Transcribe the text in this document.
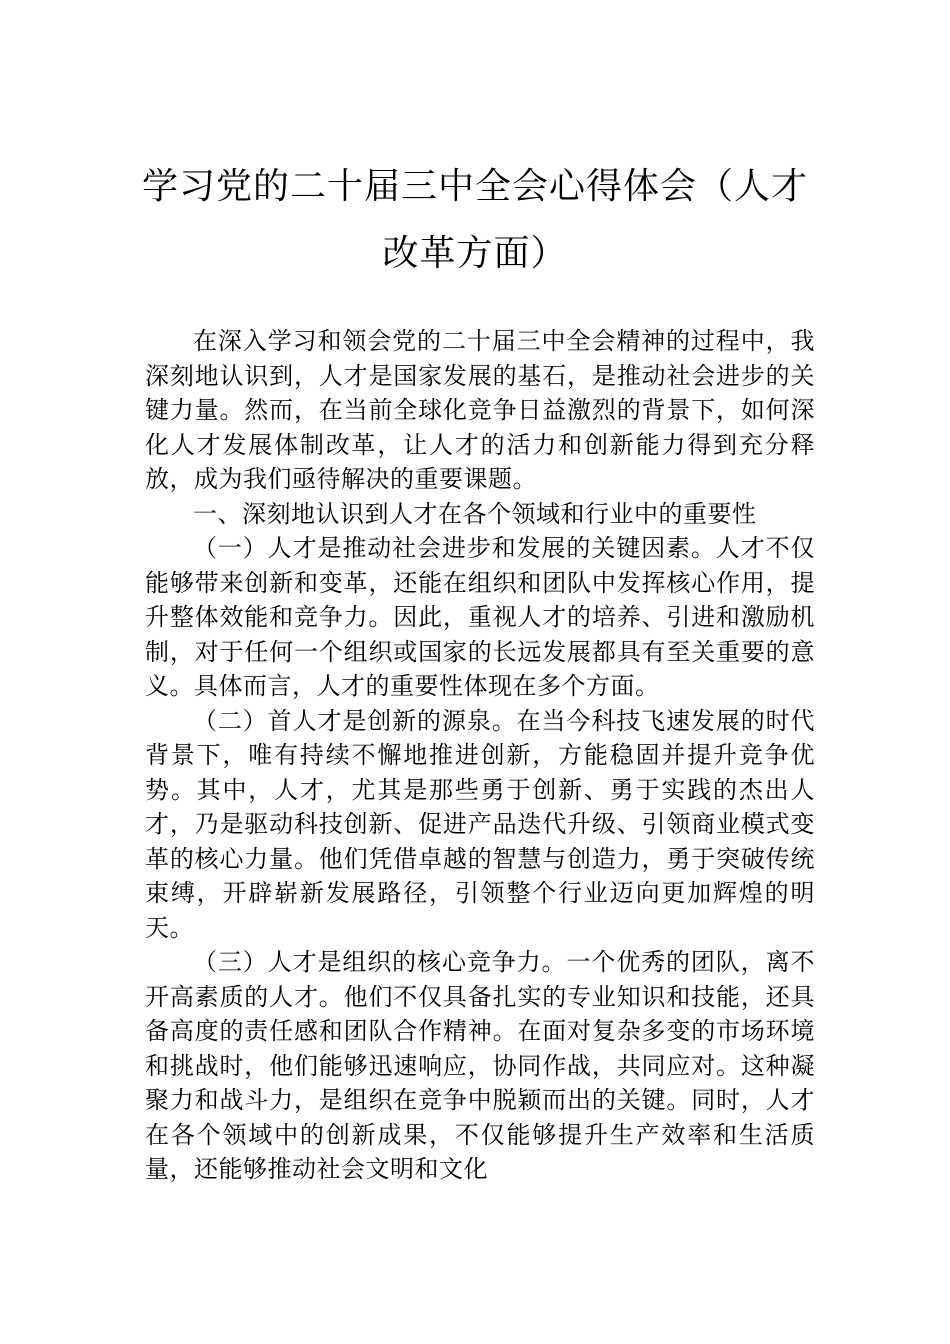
学习党的二十届三中全会心得体会（人才
改革方面）

在深入学习和领会党的二十届三中全会精神的过程中，我深刻地认识到，人才是国家发展的基石，是推动社会进步的关键力量。然而，在当前全球化竞争日益激烈的背景下，如何深化人才发展体制改革，让人才的活力和创新能力得到充分释放，成为我们亟待解决的重要课题。

一、深刻地认识到人才在各个领域和行业中的重要性

（一）人才是推动社会进步和发展的关键因素。人才不仅能够带来创新和变革，还能在组织和团队中发挥核心作用，提升整体效能和竞争力。因此，重视人才的培养、引进和激励机制，对于任何一个组织或国家的长远发展都具有至关重要的意义。具体而言，人才的重要性体现在多个方面。

（二）首人才是创新的源泉。在当今科技飞速发展的时代背景下，唯有持续不懈地推进创新，方能稳固并提升竞争优势。其中，人才，尤其是那些勇于创新、勇于实践的杰出人才，乃是驱动科技创新、促进产品迭代升级、引领商业模式变革的核心力量。他们凭借卓越的智慧与创造力，勇于突破传统束缚，开辟崭新发展路径，引领整个行业迈向更加辉煌的明天。

（三）人才是组织的核心竞争力。一个优秀的团队，离不开高素质的人才。他们不仅具备扎实的专业知识和技能，还具备高度的责任感和团队合作精神。在面对复杂多变的市场环境和挑战时，他们能够迅速响应，协同作战，共同应对。这种凝聚力和战斗力，是组织在竞争中脱颖而出的关键。同时，人才在各个领域中的创新成果，不仅能够提升生产效率和生活质量，还能够推动社会文明和文化
